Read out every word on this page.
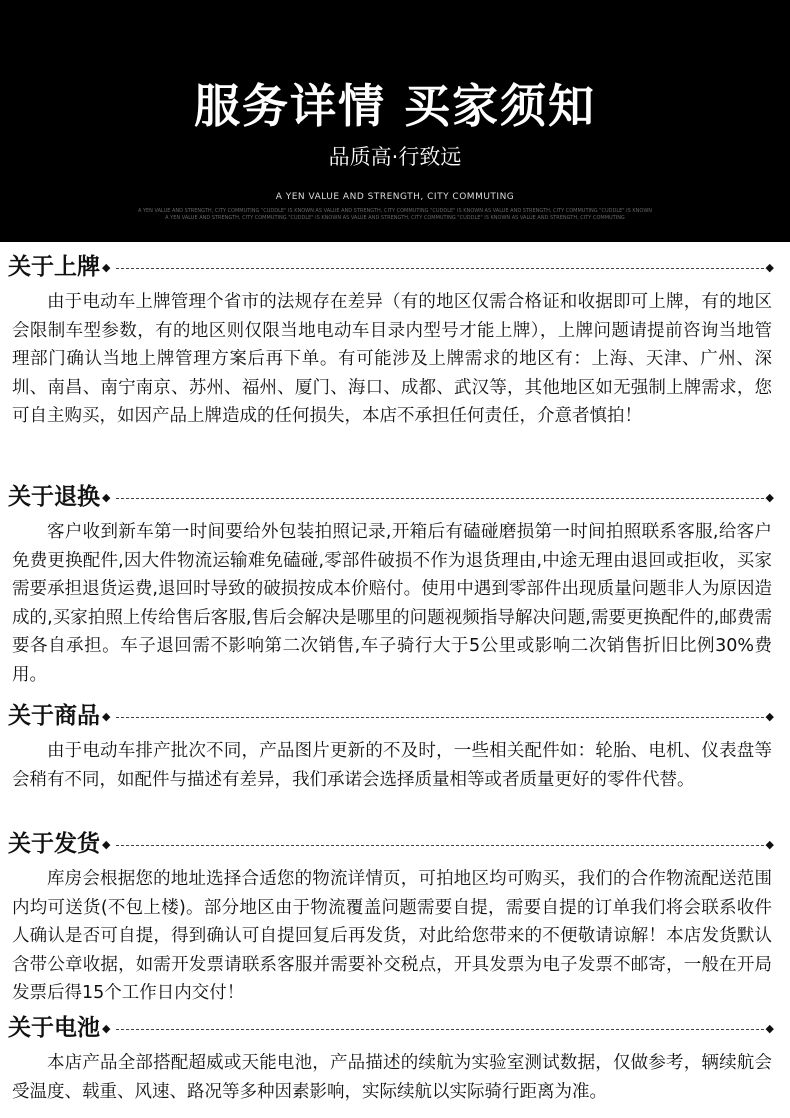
服务详情 买家须知
品质高·行致远
A YEN VALUE AND STRENGTH, CITY COMMUTING
A YEN VALUE AND STRENGTH, CITY COMMUTING "CUDDLE" IS KNOWN AS VALUE AND STRENGTH, CITY COMMUTING "CUDDLE" IS KNOWN AS VALUE AND STRENGTH, CITY COMMUTING "CUDDLE" IS KNOWN
A YEN VALUE AND STRENGTH, CITY COMMUTING "CUDDLE" IS KNOWN AS VALUE AND STRENGTH, CITY COMMUTING "CUDDLE" IS KNOWN AS VALUE AND STRENGTH, CITY COMMUTING
关于上牌 ◆	◆
由于电动车上牌管理个省市的法规存在差异（有的地区仅需合格证和收据即可上牌，有的地区会限制车型参数，有的地区则仅限当地电动车目录内型号才能上牌），上牌问题请提前咨询当地管理部门确认当地上牌管理方案后再下单。有可能涉及上牌需求的地区有：上海、天津、广州、深圳、南昌、南宁南京、苏州、福州、厦门、海口、成都、武汉等，其他地区如无强制上牌需求，您可自主购买，如因产品上牌造成的任何损失，本店不承担任何责任，介意者慎拍！
关于退换 ◆	◆
客户收到新车第一时间要给外包装拍照记录,开箱后有磕碰磨损第一时间拍照联系客服,给客户免费更换配件,因大件物流运输难免磕碰,零部件破损不作为退货理由,中途无理由退回或拒收，买家需要承担退货运费,退回时导致的破损按成本价赔付。使用中遇到零部件出现质量问题非人为原因造成的,买家拍照上传给售后客服,售后会解决是哪里的问题视频指导解决问题,需要更换配件的,邮费需要各自承担。车子退回需不影响第二次销售,车子骑行大于5公里或影响二次销售折旧比例30%费用。
关于商品 ◆	◆
由于电动车排产批次不同，产品图片更新的不及时，一些相关配件如：轮胎、电机、仪表盘等会稍有不同，如配件与描述有差异，我们承诺会选择质量相等或者质量更好的零件代替。
关于发货 ◆	◆
库房会根据您的地址选择合适您的物流详情页，可拍地区均可购买，我们的合作物流配送范围内均可送货(不包上楼)。部分地区由于物流覆盖问题需要自提，需要自提的订单我们将会联系收件人确认是否可自提，得到确认可自提回复后再发货，对此给您带来的不便敬请谅解！本店发货默认含带公章收据，如需开发票请联系客服并需要补交税点，开具发票为电子发票不邮寄，一般在开局发票后得15个工作日内交付！
关于电池 ◆	◆
本店产品全部搭配超威或天能电池，产品描述的续航为实验室测试数据，仅做参考，辆续航会受温度、载重、风速、路况等多种因素影响，实际续航以实际骑行距离为准。
